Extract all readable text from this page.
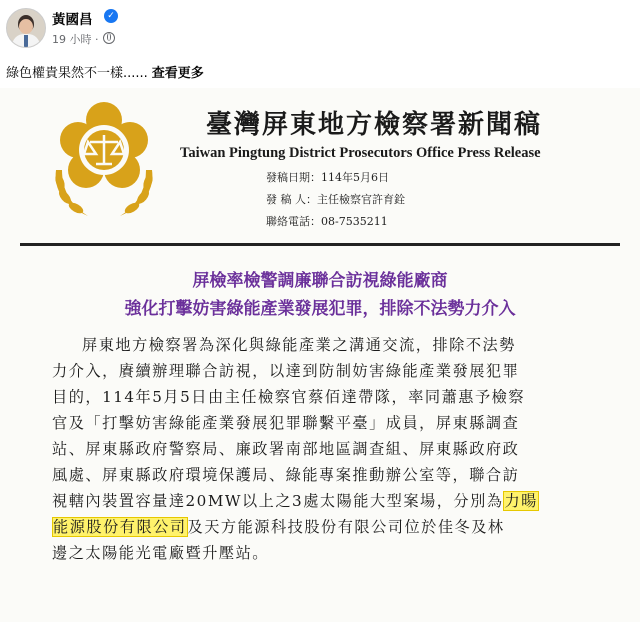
黃國昌	✓
19 小時 ·
綠色權貴果然不一樣...... 查看更多
臺灣屏東地方檢察署新聞稿
Taiwan Pingtung District Prosecutors Office Press Release
發稿日期：114年5月6日
發 稿 人：主任檢察官許育銓
聯絡電話：08-7535211
屏檢率檢警調廉聯合訪視綠能廠商
強化打擊妨害綠能產業發展犯罪，排除不法勢力介入
屏東地方檢察署為深化與綠能產業之溝通交流，排除不法勢
力介入，賡續辦理聯合訪視，以達到防制妨害綠能產業發展犯罪
目的，114年5月5日由主任檢察官蔡佰達帶隊，率同蕭惠予檢察
官及「打擊妨害綠能產業發展犯罪聯繫平臺」成員，屏東縣調查
站、屏東縣政府警察局、廉政署南部地區調查組、屏東縣政府政
風處、屏東縣政府環境保護局、綠能專案推動辦公室等，聯合訪
視轄內裝置容量達20MW以上之3處太陽能大型案場，分別為力暘
能源股份有限公司及天方能源科技股份有限公司位於佳冬及林
邊之太陽能光電廠暨升壓站。
